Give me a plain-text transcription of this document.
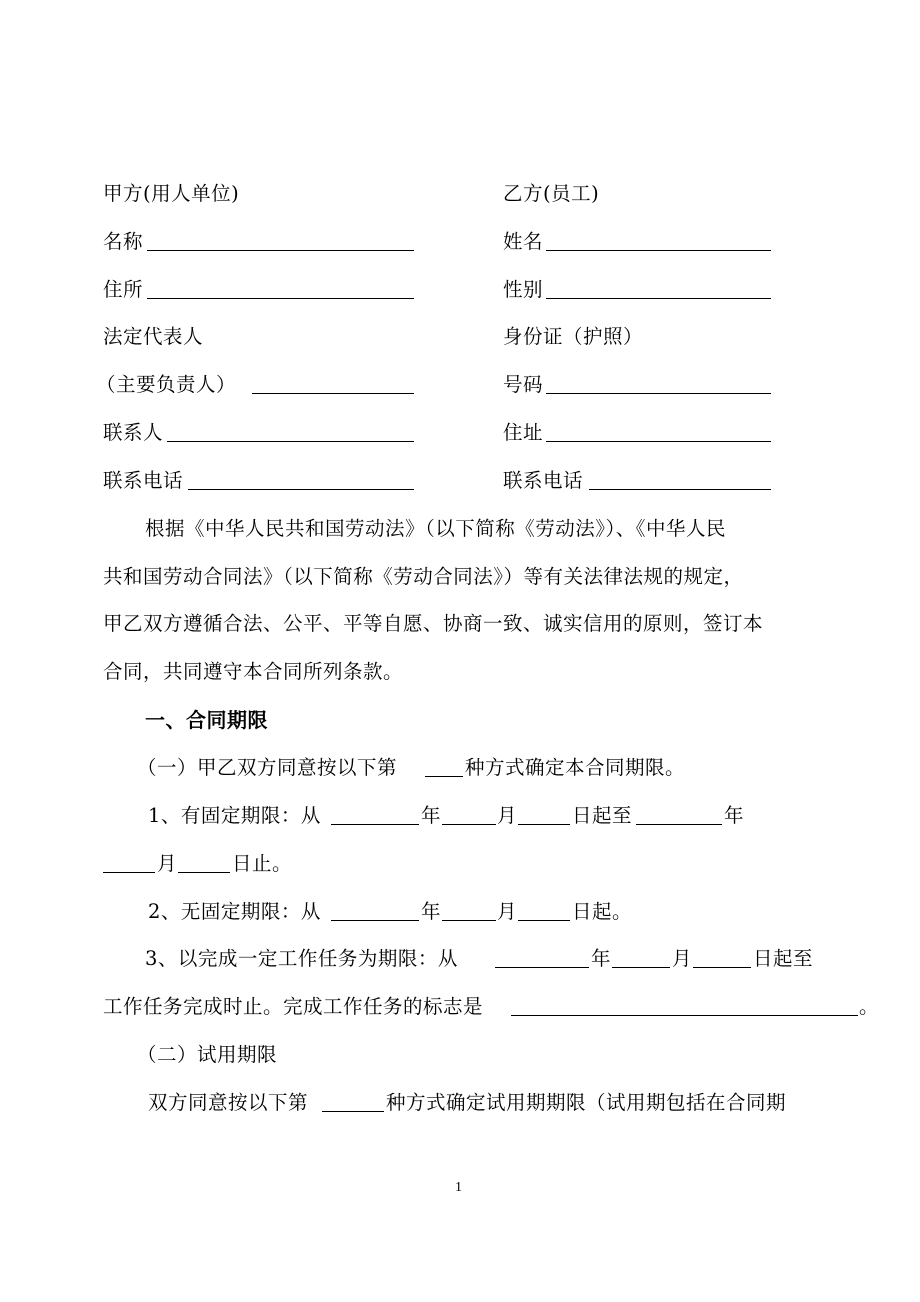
甲方(用人单位)	乙方(员工)
名称	姓名
住所	性别
法定代表人	身份证（护照）
（主要负责人）	号码
联系人	住址
联系电话	联系电话
根据《中华人民共和国劳动法》（以下简称《劳动法》）、《中华人民
共和国劳动合同法》（以下简称《劳动合同法》）等有关法律法规的规定，
甲乙双方遵循合法、公平、平等自愿、协商一致、诚实信用的原则，签订本
合同，共同遵守本合同所列条款。
一、合同期限
（一）甲乙双方同意按以下第	种方式确定本合同期限。
1、有固定期限：从	年	月	日起至	年
月	日止。
2、无固定期限：从	年	月	日起。
3、以完成一定工作任务为期限：从	年	月	日起至
工作任务完成时止。完成工作任务的标志是	。
（二）试用期限
双方同意按以下第	种方式确定试用期期限（试用期包括在合同期
1
